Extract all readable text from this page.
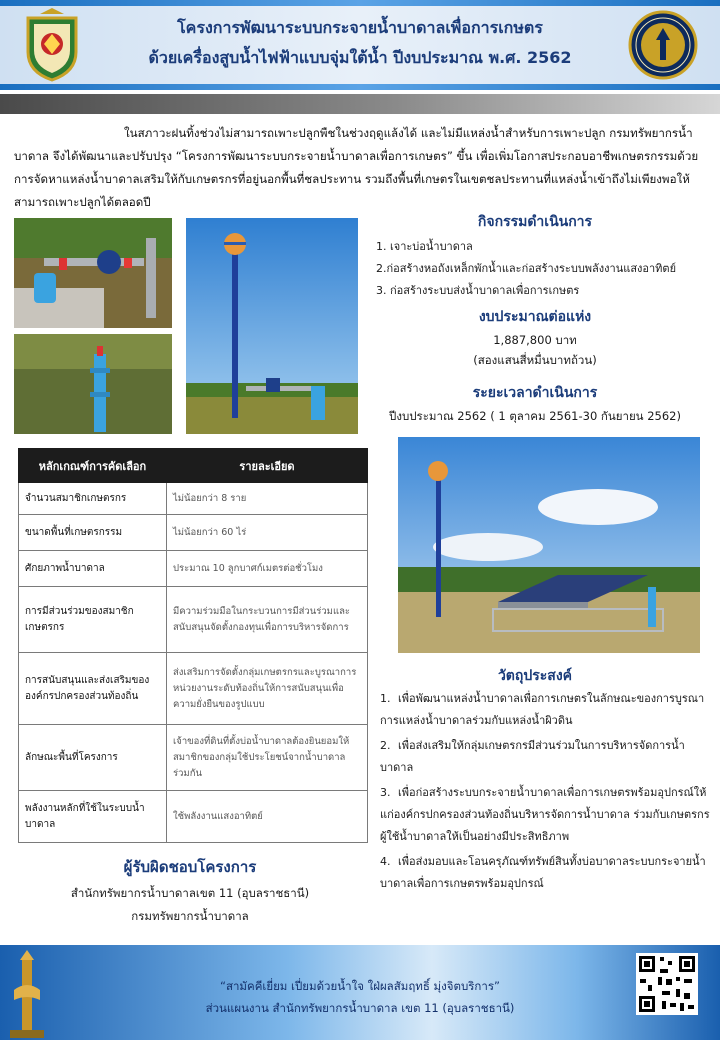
โครงการพัฒนาระบบกระจายน้ำบาดาลเพื่อการเกษตร
ด้วยเครื่องสูบน้ำไฟฟ้าแบบจุ่มใต้น้ำ ปีงบประมาณ พ.ศ. 2562

ในสภาวะฝนทิ้งช่วงไม่สามารถเพาะปลูกพืชในช่วงฤดูแล้งได้ และไม่มีแหล่งน้ำสำหรับการเพาะปลูก กรมทรัพยากรน้ำบาดาล จึงได้พัฒนาและปรับปรุง “โครงการพัฒนาระบบกระจายน้ำบาดาลเพื่อการเกษตร” ขึ้น เพื่อเพิ่มโอกาสประกอบอาชีพเกษตรกรรมด้วยการจัดหาแหล่งน้ำบาดาลเสริมให้กับเกษตรกรที่อยู่นอกพื้นที่ชลประทาน รวมถึงพื้นที่เกษตรในเขตชลประทานที่แหล่งน้ำเข้าถึงไม่เพียงพอให้สามารถเพาะปลูกได้ตลอดปี

กิจกรรมดำเนินการ
1. เจาะบ่อน้ำบาดาล
2.ก่อสร้างหอถังเหล็กพักน้ำและก่อสร้างระบบพลังงานแสงอาทิตย์
3. ก่อสร้างระบบส่งน้ำบาดาลเพื่อการเกษตร
งบประมาณต่อแห่ง
1,887,800 บาท
(สองแสนสี่หมื่นบาทถ้วน)
ระยะเวลาดำเนินการ
ปีงบประมาณ 2562 ( 1 ตุลาคม 2561-30 กันยายน 2562)
หลักเกณฑ์การคัดเลือก	รายละเอียด
จำนวนสมาชิกเกษตรกร	ไม่น้อยกว่า 8 ราย
ขนาดพื้นที่เกษตรกรรม	ไม่น้อยกว่า 60 ไร่
ศักยภาพน้ำบาดาล	ประมาณ 10 ลูกบาศก์เมตรต่อชั่วโมง
การมีส่วนร่วมของสมาชิกเกษตรกร	มีความร่วมมือในกระบวนการมีส่วนร่วมและสนับสนุนจัดตั้งกองทุนเพื่อการบริหารจัดการ
การสนับสนุนและส่งเสริมขององค์กรปกครองส่วนท้องถิ่น	ส่งเสริมการจัดตั้งกลุ่มเกษตรกรและบูรณาการหน่วยงานระดับท้องถิ่นให้การสนับสนุนเพื่อความยั่งยืนของรูปแบบ
ลักษณะพื้นที่โครงการ	เจ้าของที่ดินที่ตั้งบ่อน้ำบาดาลต้องยินยอมให้สมาชิกของกลุ่มใช้ประโยชน์จากน้ำบาดาลร่วมกัน
พลังงานหลักที่ใช้ในระบบน้ำบาดาล	ใช้พลังงานแสงอาทิตย์
วัตถุประสงค์
1. เพื่อพัฒนาแหล่งน้ำบาดาลเพื่อการเกษตรในลักษณะของการบูรณาการแหล่งน้ำบาดาลร่วมกับแหล่งน้ำผิวดิน
2. เพื่อส่งเสริมให้กลุ่มเกษตรกรมีส่วนร่วมในการบริหารจัดการน้ำบาดาล
3. เพื่อก่อสร้างระบบกระจายน้ำบาดาลเพื่อการเกษตรพร้อมอุปกรณ์ให้แก่องค์กรปกครองส่วนท้องถิ่นบริหารจัดการน้ำบาดาล ร่วมกับเกษตรกรผู้ใช้น้ำบาดาลให้เป็นอย่างมีประสิทธิภาพ
4. เพื่อส่งมอบและโอนครุภัณฑ์ทรัพย์สินทั้งบ่อบาดาลระบบกระจายน้ำบาดาลเพื่อการเกษตรพร้อมอุปกรณ์
ผู้รับผิดชอบโครงการ
สำนักทรัพยากรน้ำบาดาลเขต 11 (อุบลราชธานี)
กรมทรัพยากรน้ำบาดาล
“สามัคคีเยี่ยม เปี่ยมด้วยน้ำใจ ใฝ่ผลสัมฤทธิ์ มุ่งจิตบริการ”
ส่วนแผนงาน สำนักทรัพยากรน้ำบาดาล เขต 11 (อุบลราชธานี)
